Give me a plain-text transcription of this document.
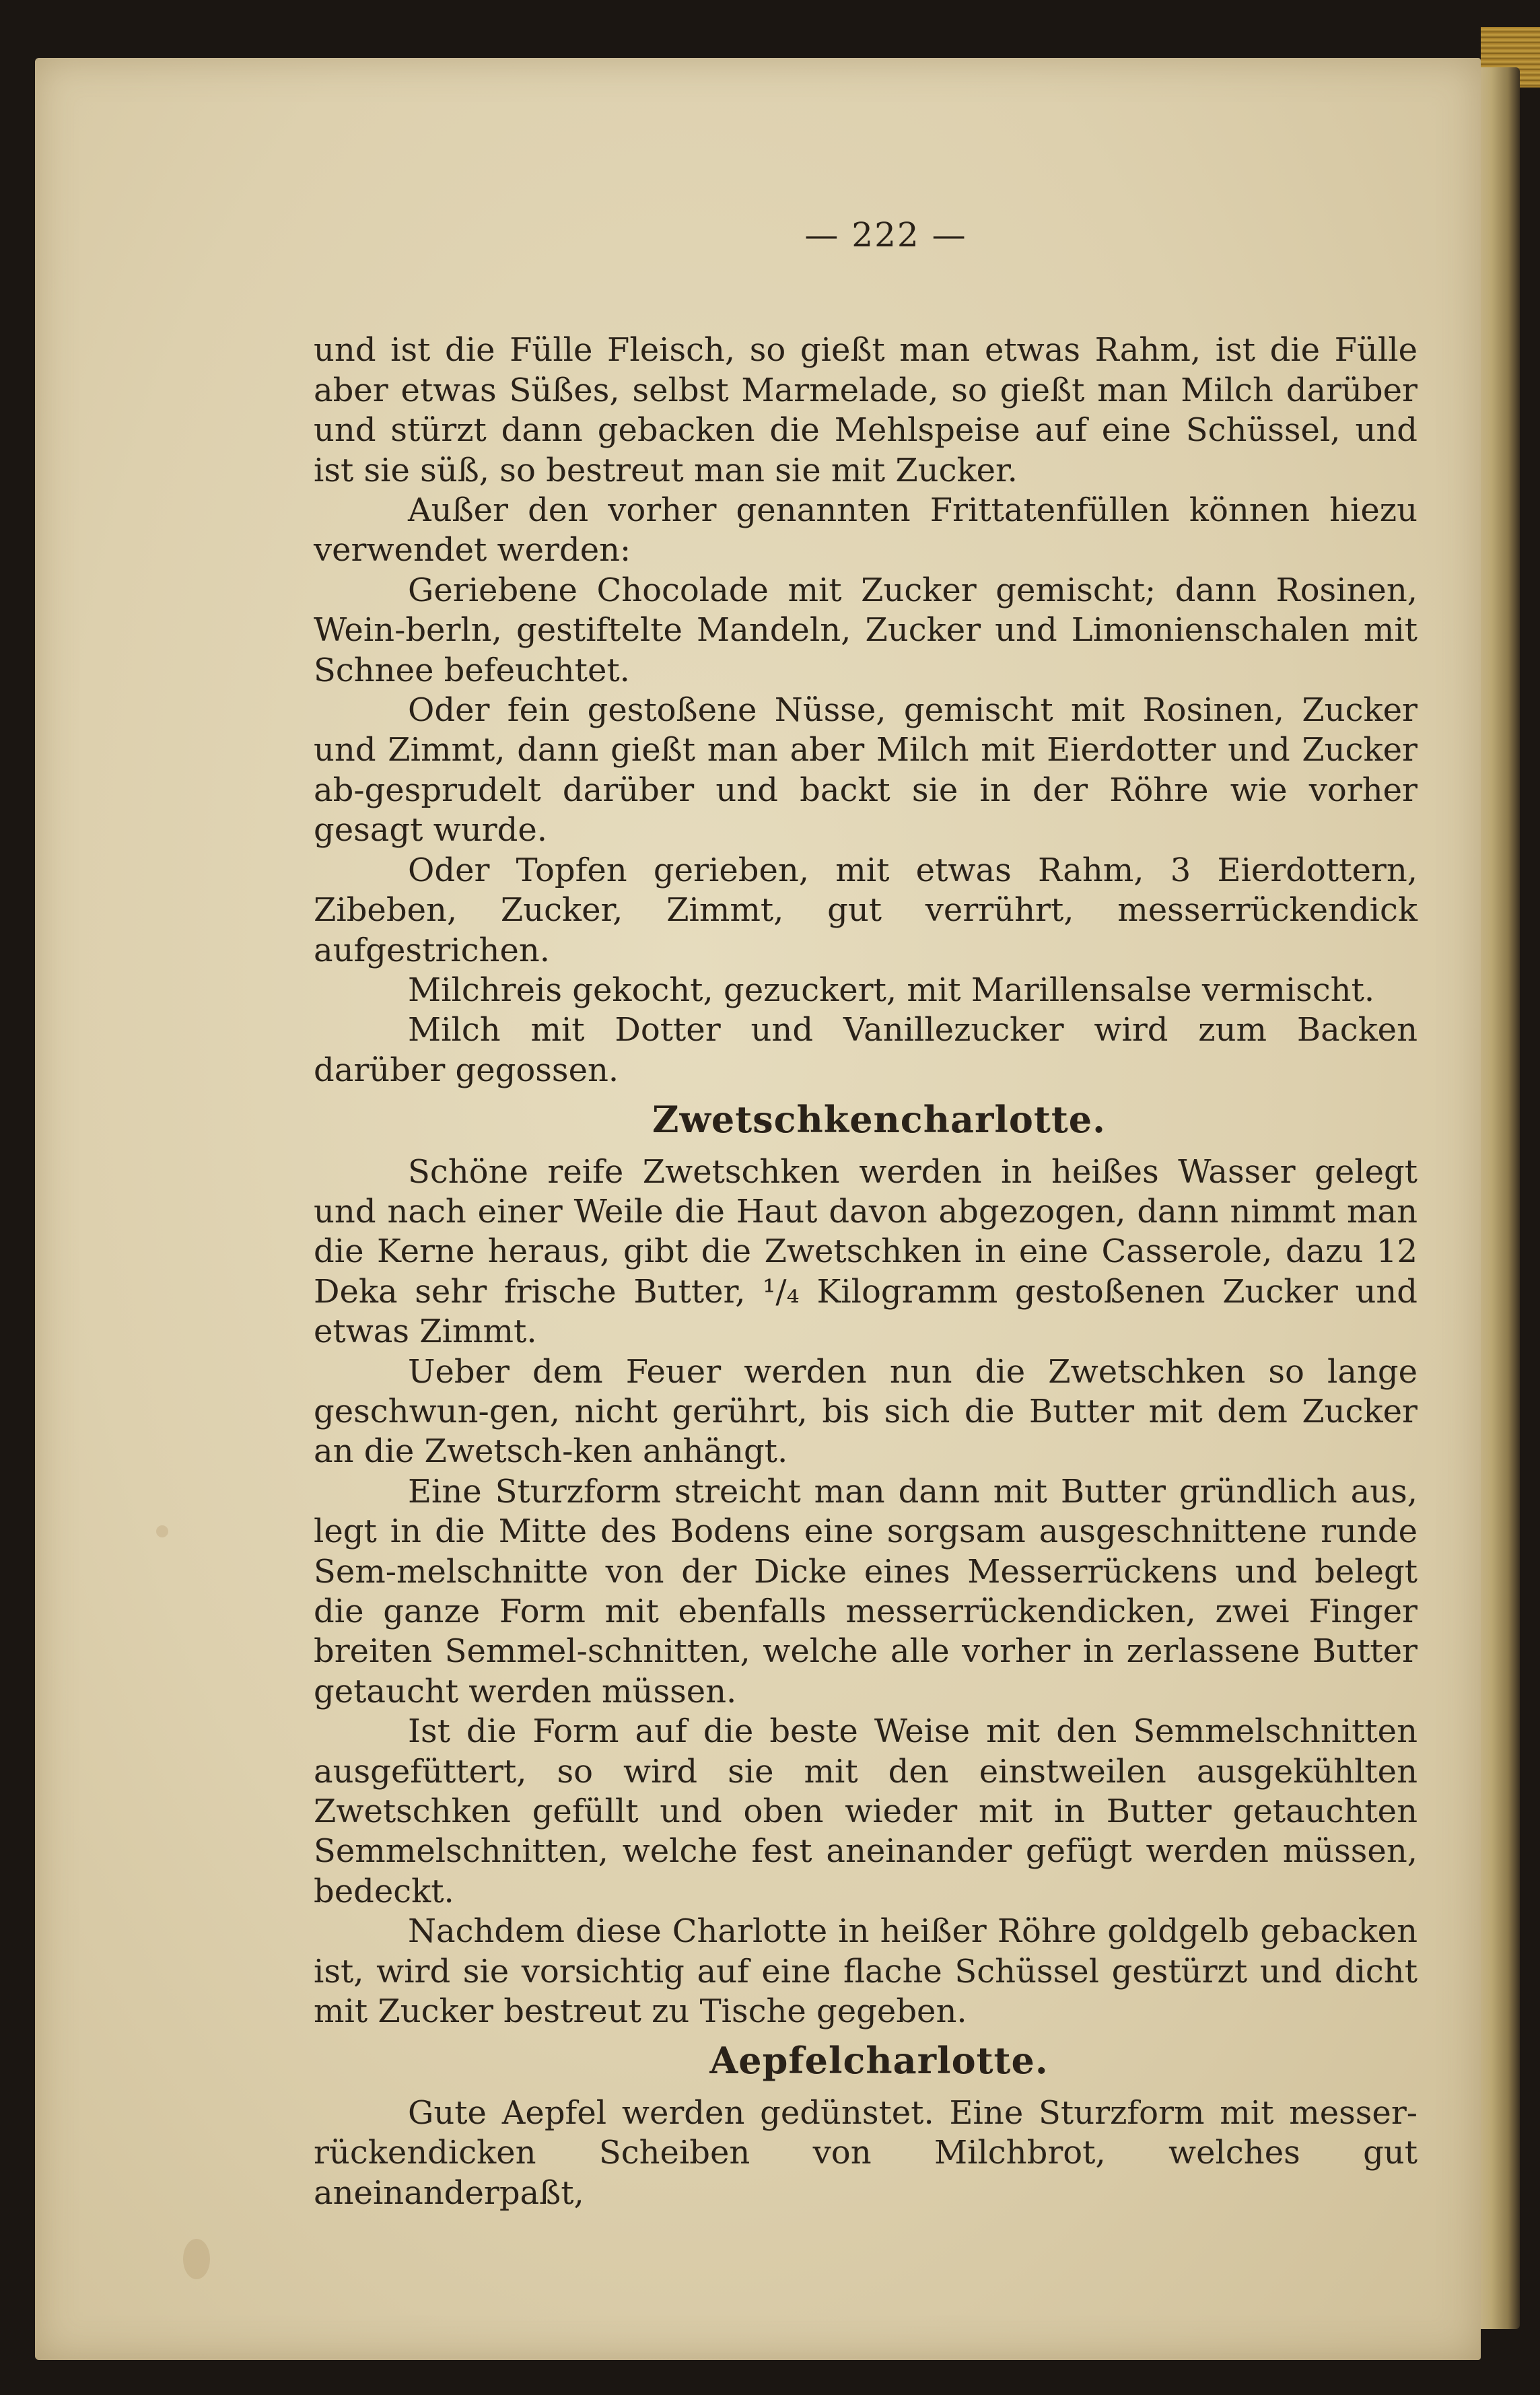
— 222 —

und ist die Fülle Fleisch, so gießt man etwas Rahm, ist die Fülle aber etwas Süßes, selbst Marmelade, so gießt man Milch darüber und stürzt dann gebacken die Mehlspeise auf eine Schüssel, und ist sie süß, so bestreut man sie mit Zucker.

Außer den vorher genannten Frittatenfüllen können hiezu verwendet werden:

Geriebene Chocolade mit Zucker gemischt; dann Rosinen, Wein-berln, gestiftelte Mandeln, Zucker und Limonienschalen mit Schnee befeuchtet.

Oder fein gestoßene Nüsse, gemischt mit Rosinen, Zucker und Zimmt, dann gießt man aber Milch mit Eierdotter und Zucker ab-gesprudelt darüber und backt sie in der Röhre wie vorher gesagt wurde.

Oder Topfen gerieben, mit etwas Rahm, 3 Eierdottern, Zibeben, Zucker, Zimmt, gut verrührt, messerrückendick aufgestrichen.

Milchreis gekocht, gezuckert, mit Marillensalse vermischt.

Milch mit Dotter und Vanillezucker wird zum Backen darüber gegossen.

Zwetschkencharlotte.

Schöne reife Zwetschken werden in heißes Wasser gelegt und nach einer Weile die Haut davon abgezogen, dann nimmt man die Kerne heraus, gibt die Zwetschken in eine Casserole, dazu 12 Deka sehr frische Butter, ¹/₄ Kilogramm gestoßenen Zucker und etwas Zimmt.

Ueber dem Feuer werden nun die Zwetschken so lange geschwun-gen, nicht gerührt, bis sich die Butter mit dem Zucker an die Zwetsch-ken anhängt.

Eine Sturzform streicht man dann mit Butter gründlich aus, legt in die Mitte des Bodens eine sorgsam ausgeschnittene runde Sem-melschnitte von der Dicke eines Messerrückens und belegt die ganze Form mit ebenfalls messerrückendicken, zwei Finger breiten Semmel-schnitten, welche alle vorher in zerlassene Butter getaucht werden müssen.

Ist die Form auf die beste Weise mit den Semmelschnitten ausgefüttert, so wird sie mit den einstweilen ausgekühlten Zwetschken gefüllt und oben wieder mit in Butter getauchten Semmelschnitten, welche fest aneinander gefügt werden müssen, bedeckt.

Nachdem diese Charlotte in heißer Röhre goldgelb gebacken ist, wird sie vorsichtig auf eine flache Schüssel gestürzt und dicht mit Zucker bestreut zu Tische gegeben.

Aepfelcharlotte.

Gute Aepfel werden gedünstet. Eine Sturzform mit messer-rückendicken Scheiben von Milchbrot, welches gut aneinanderpaßt,
